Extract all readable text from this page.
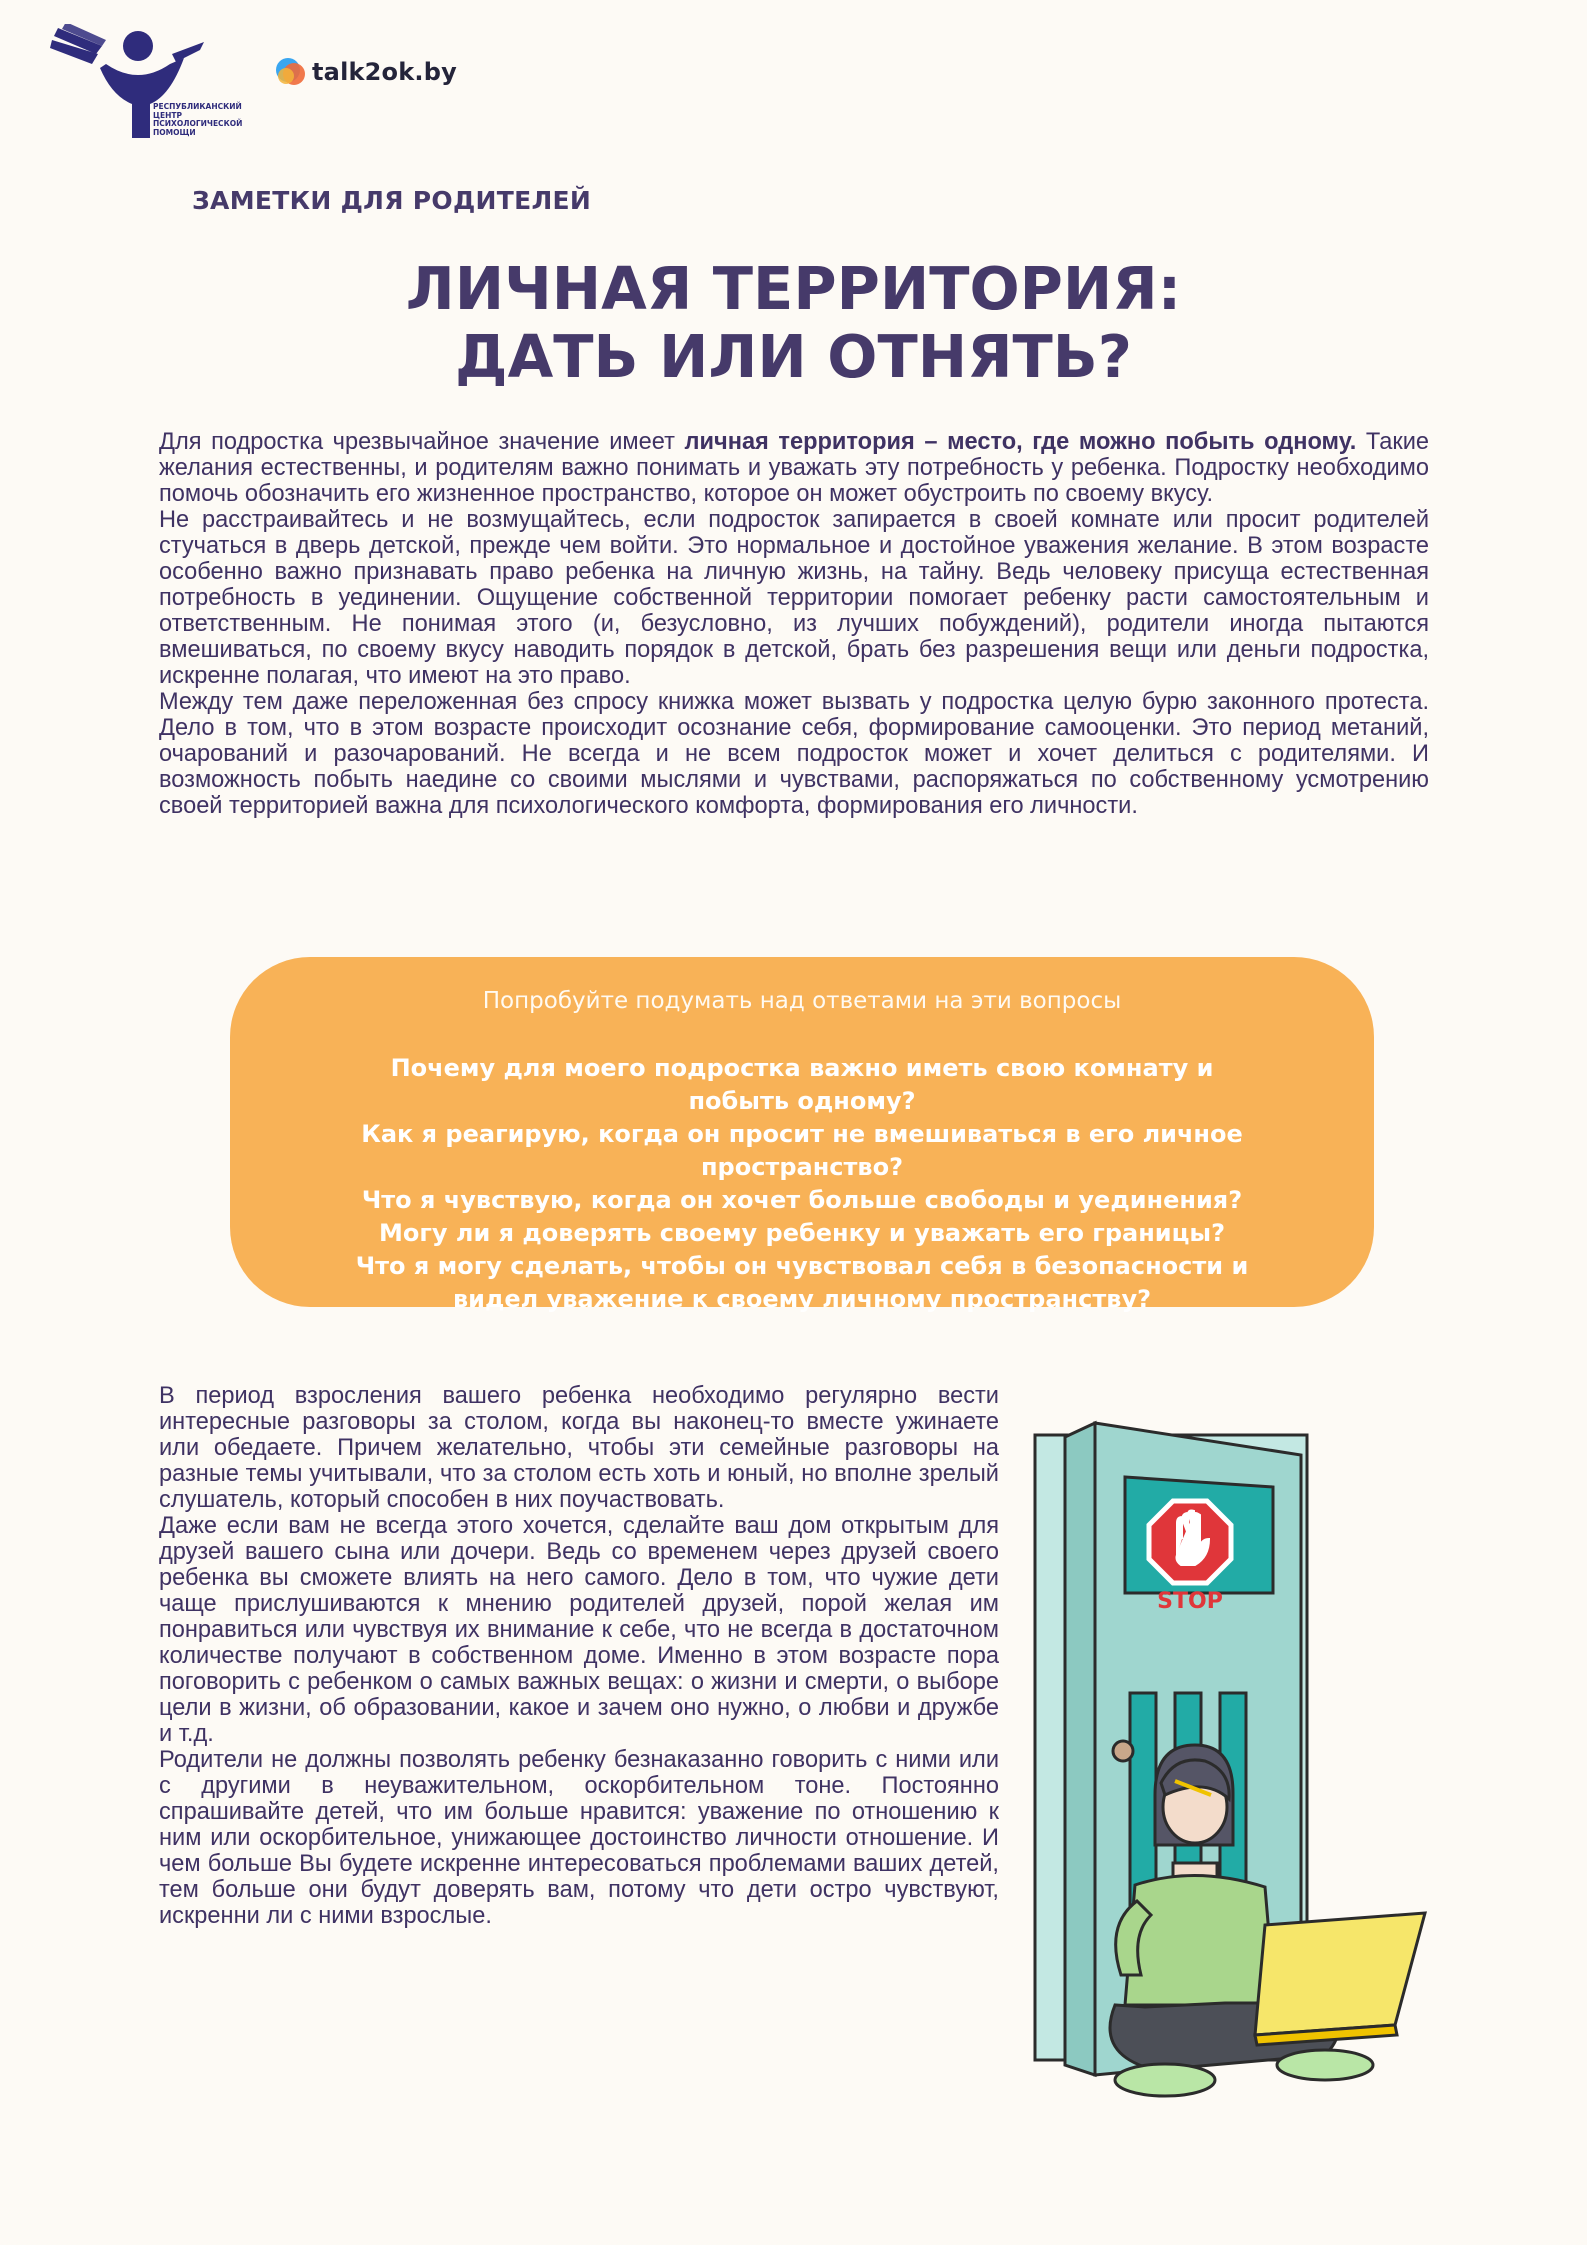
РЕСПУБЛИКАНСКИЙ ЦЕНТР ПСИХОЛОГИЧЕСКОЙ ПОМОЩИ
talk2ok.by
ЗАМЕТКИ ДЛЯ РОДИТЕЛЕЙ
ЛИЧНАЯ ТЕРРИТОРИЯ:
ДАТЬ ИЛИ ОТНЯТЬ?

Для подростка чрезвычайное значение имеет личная территория – место, где можно побыть одному. Такие желания естественны, и родителям важно понимать и уважать эту потребность у ребенка. Подростку необходимо помочь обозначить его жизненное пространство, которое он может обустроить по своему вкусу.

Не расстраивайтесь и не возмущайтесь, если подросток запирается в своей комнате или просит родителей стучаться в дверь детской, прежде чем войти. Это нормальное и достойное уважения желание. В этом возрасте особенно важно признавать право ребенка на личную жизнь, на тайну. Ведь человеку присуща естественная потребность в уединении. Ощущение собственной территории помогает ребенку расти самостоятельным и ответственным. Не понимая этого (и, безусловно, из лучших побуждений), родители иногда пытаются вмешиваться, по своему вкусу наводить порядок в детской, брать без разрешения вещи или деньги подростка, искренне полагая, что имеют на это право.

Между тем даже переложенная без спросу книжка может вызвать у подростка целую бурю законного протеста. Дело в том, что в этом возрасте происходит осознание себя, формирование самооценки. Это период метаний, очарований и разочарований. Не всегда и не всем подросток может и хочет делиться с родителями. И возможность побыть наедине со своими мыслями и чувствами, распоряжаться по собственному усмотрению своей территорией важна для психологического комфорта, формирования его личности.

Попробуйте подумать над ответами на эти вопросы
Почему для моего подростка важно иметь свою комнату и побыть одному?
Как я реагирую, когда он просит не вмешиваться в его личное пространство?
Что я чувствую, когда он хочет больше свободы и уединения?
Могу ли я доверять своему ребенку и уважать его границы?
Что я могу сделать, чтобы он чувствовал себя в безопасности и видел уважение к своему личному пространству?

В период взросления вашего ребенка необходимо регулярно вести интересные разговоры за столом, когда вы наконец-то вместе ужинаете или обедаете. Причем желательно, чтобы эти семейные разговоры на разные темы учитывали, что за столом есть хоть и юный, но вполне зрелый слушатель, который способен в них поучаствовать.

Даже если вам не всегда этого хочется, сделайте ваш дом открытым для друзей вашего сына или дочери. Ведь со временем через друзей своего ребенка вы сможете влиять на него самого. Дело в том, что чужие дети чаще прислушиваются к мнению родителей друзей, порой желая им понравиться или чувствуя их внимание к себе, что не всегда в достаточном количестве получают в собственном доме. Именно в этом возрасте пора поговорить с ребенком о самых важных вещах: о жизни и смерти, о выборе цели в жизни, об образовании, какое и зачем оно нужно, о любви и дружбе и т.д.

Родители не должны позволять ребенку безнаказанно говорить с ними или с другими в неуважительном, оскорбительном тоне. Постоянно спрашивайте детей, что им больше нравится: уважение по отношению к ним или оскорбительное, унижающее достоинство личности отношение. И чем больше Вы будете искренне интересоваться проблемами ваших детей, тем больше они будут доверять вам, потому что дети остро чувствуют, искренни ли с ними взрослые.

STOP
